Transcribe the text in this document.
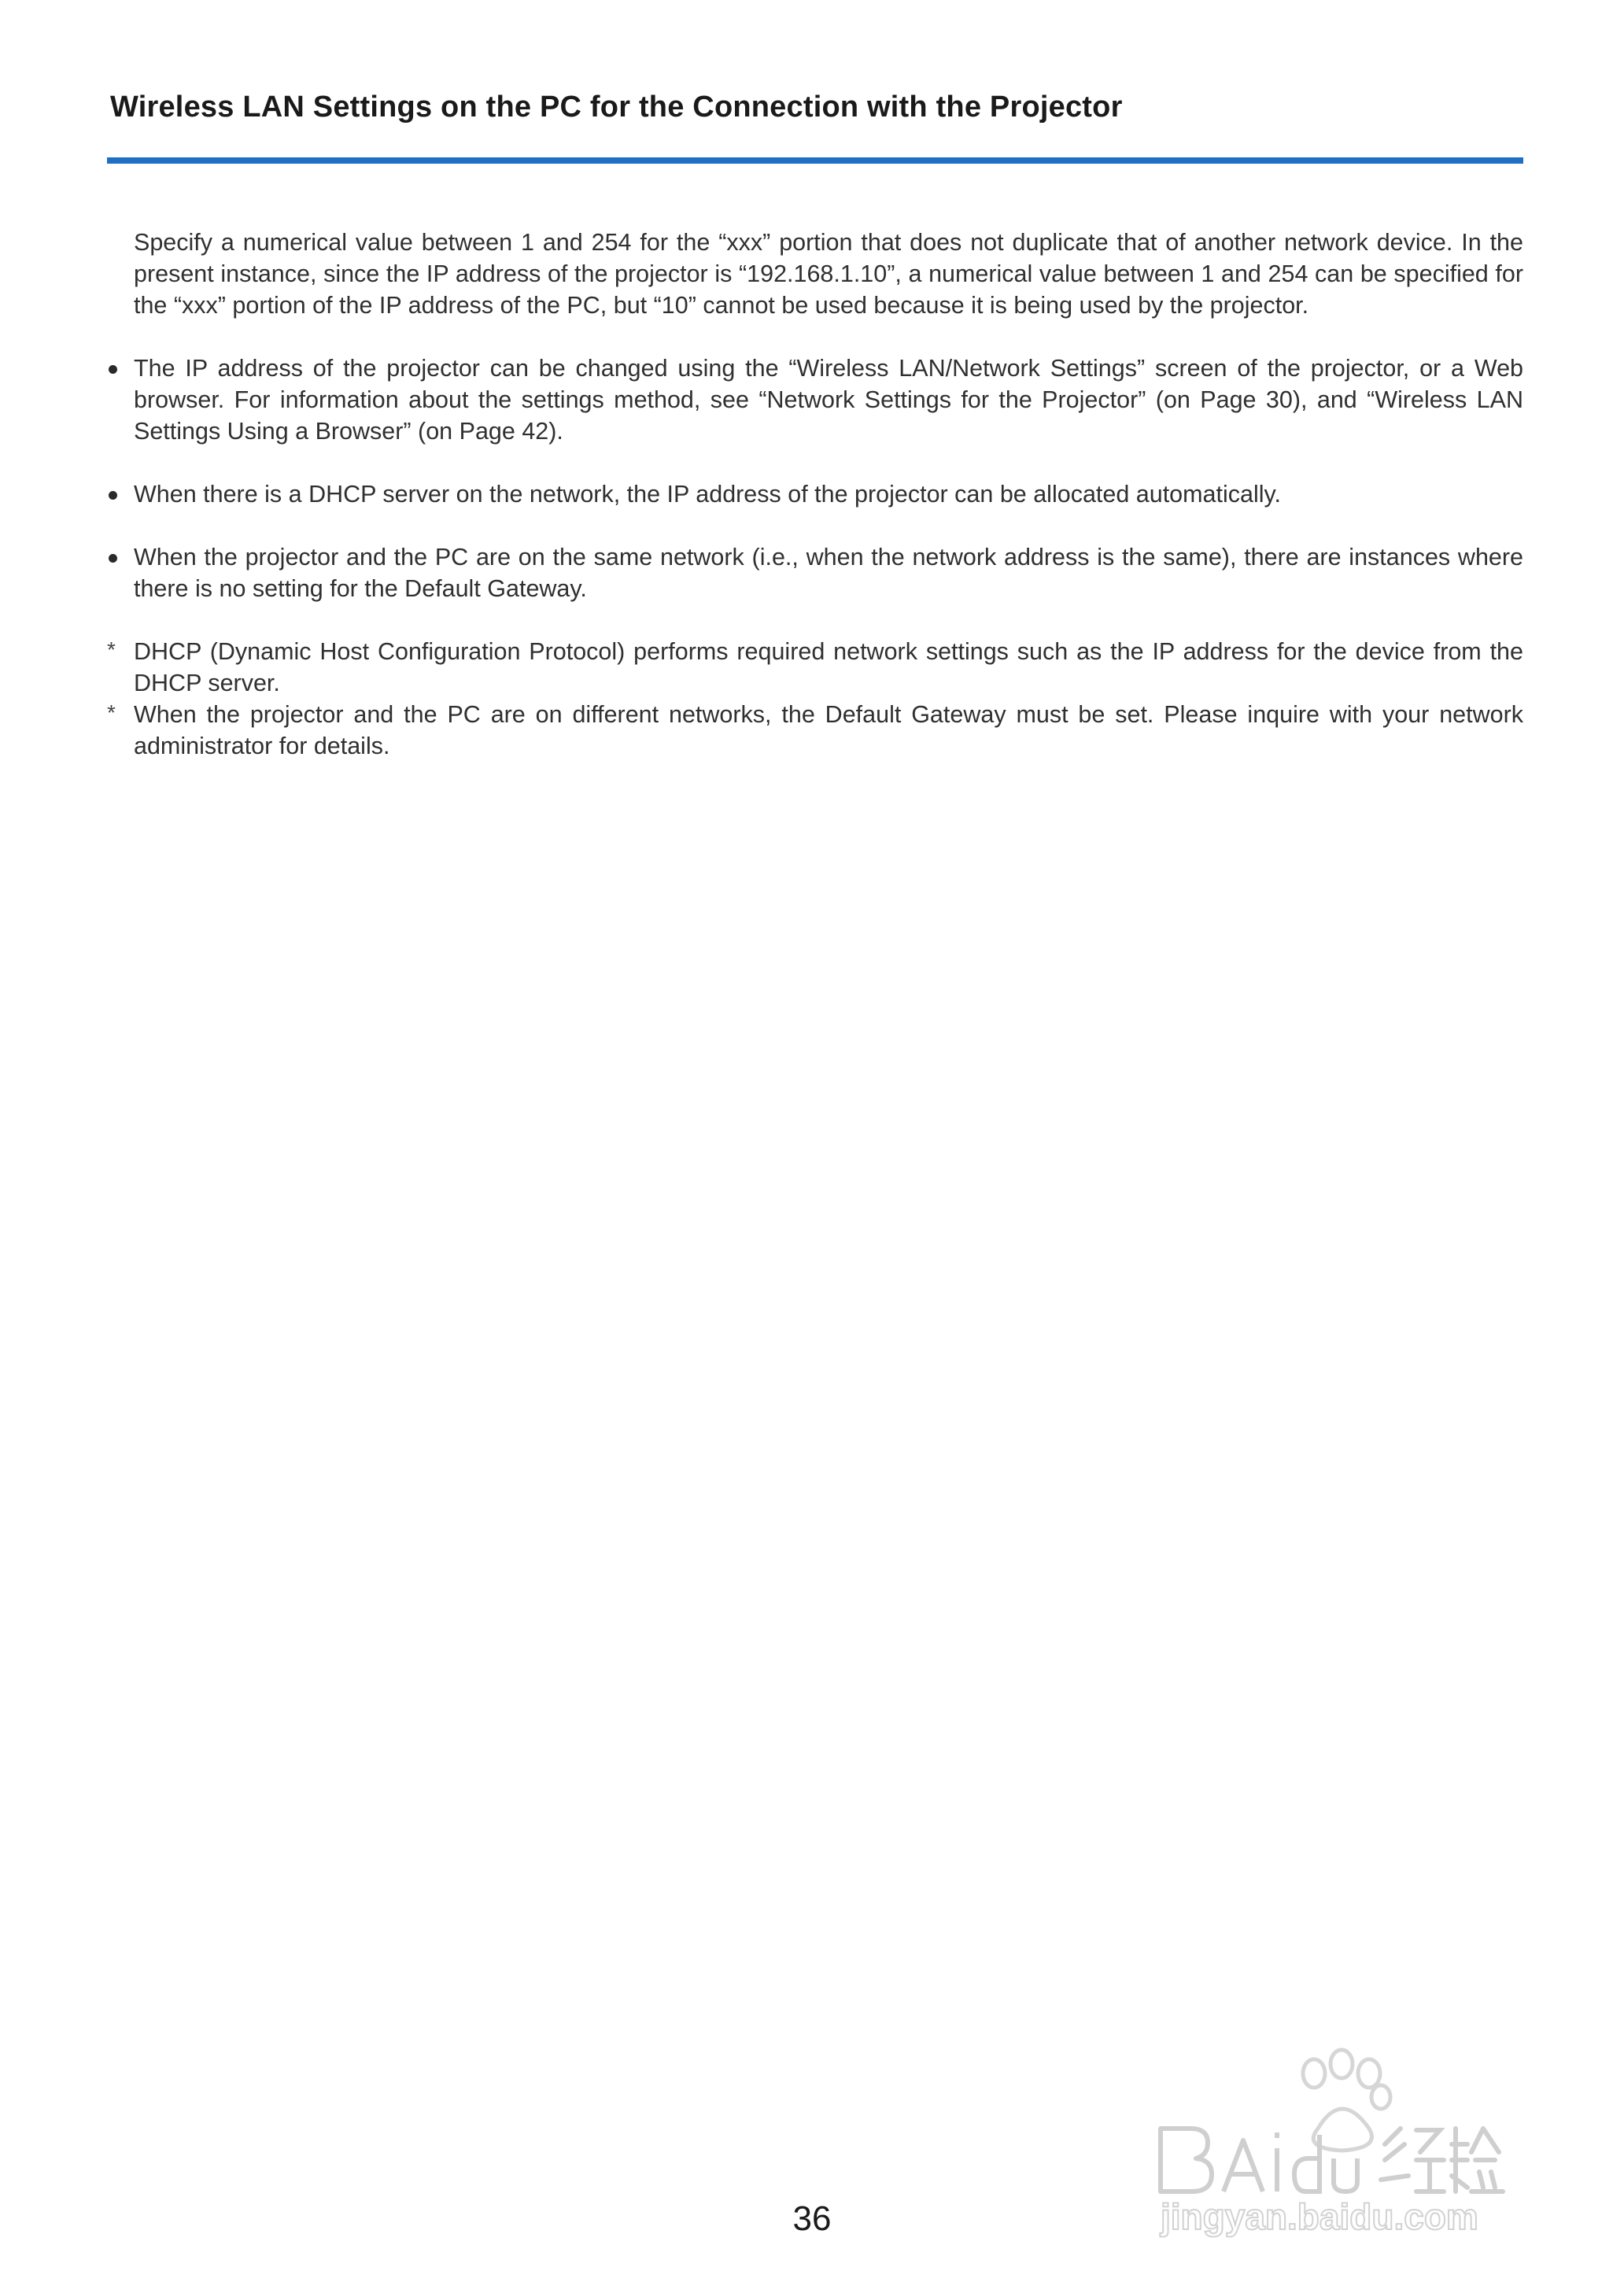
Wireless LAN Settings on the PC for the Connection with the Projector

Specify a numerical value between 1 and 254 for the “xxx” portion that does not duplicate that of another network device. In the present instance, since the IP address of the projector is “192.168.1.10”, a numerical value between 1 and 254 can be specified for the “xxx” portion of the IP address of the PC, but “10” cannot be used because it is being used by the projector.

The IP address of the projector can be changed using the “Wireless LAN/Network Settings” screen of the projector, or a Web browser. For information about the settings method, see “Network Settings for the Projector” (on Page 30), and “Wireless LAN Settings Using a Browser” (on Page 42).
When there is a DHCP server on the network, the IP address of the projector can be allocated automatically.
When the projector and the PC are on the same network (i.e., when the network address is the same), there are instances where there is no setting for the Default Gateway.
* DHCP (Dynamic Host Configuration Protocol) performs required network settings such as the IP address for the device from the DHCP server.
* When the projector and the PC are on different networks, the Default Gateway must be set. Please inquire with your network administrator for details.
jingyan.baidu.com
36
